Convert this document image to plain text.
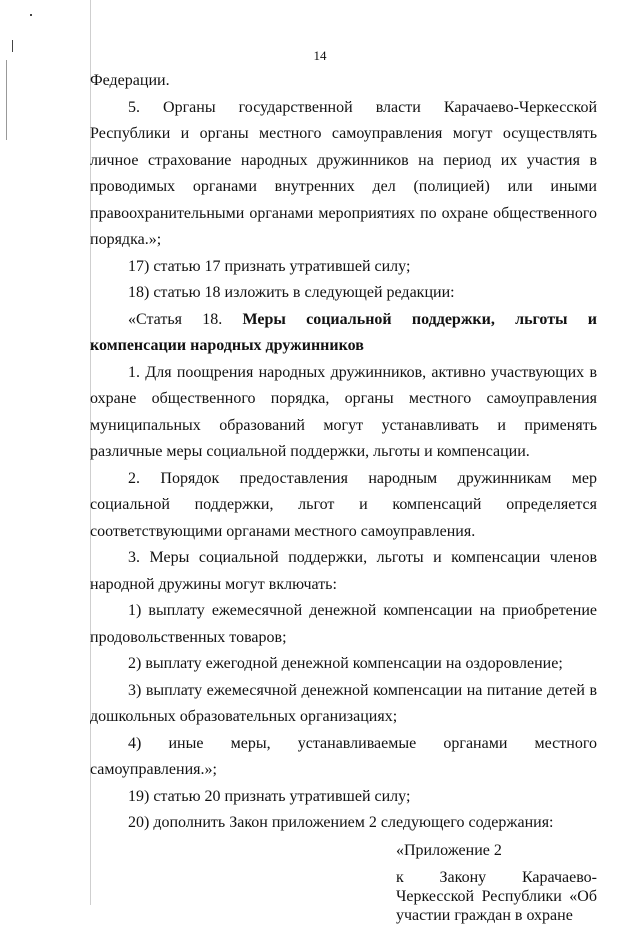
14

Федерации.

5. Органы государственной власти Карачаево-Черкесской Республики и органы местного самоуправления могут осуществлять личное страхование народных дружинников на период их участия в проводимых органами внутренних дел (полицией) или иными правоохранительными органами мероприятиях по охране общественного порядка.»;

17) статью 17 признать утратившей силу;

18) статью 18 изложить в следующей редакции:

«Статья 18. Меры социальной поддержки, льготы и компенсации народных дружинников

1. Для поощрения народных дружинников, активно участвующих в охране общественного порядка, органы местного самоуправления муниципальных образований могут устанавливать и применять различные меры социальной поддержки, льготы и компенсации.

2. Порядок предоставления народным дружинникам мер социальной поддержки, льгот и компенсаций определяется соответствующими органами местного самоуправления.

3. Меры социальной поддержки, льготы и компенсации членов народной дружины могут включать:

1) выплату ежемесячной денежной компенсации на приобретение продовольственных товаров;

2) выплату ежегодной денежной компенсации на оздоровление;

3) выплату ежемесячной денежной компенсации на питание детей в дошкольных образовательных организациях;

4) иные меры, устанавливаемые органами местного самоуправления.»;

19) статью 20 признать утратившей силу;

20) дополнить Закон приложением 2 следующего содержания:

«Приложение 2

к Закону Карачаево-Черкесской Республики «Об участии граждан в охране
